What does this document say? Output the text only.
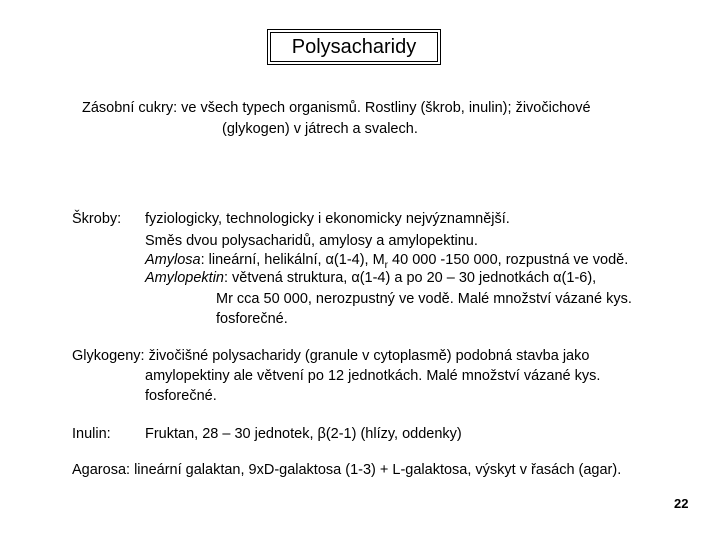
Polysacharidy
Zásobní cukry: ve všech typech organismů. Rostliny (škrob, inulin); živočichové
(glykogen) v játrech a svalech.
Škroby: fyziologicky, technologicky i ekonomicky nejvýznamnější.
Směs dvou polysacharidů, amylosy a amylopektinu.
Amylosa: lineární, helikální, α(1-4), $M_r$ 40 000 -150 000, rozpustná ve vodě.
Amylopektin: větvená struktura, α(1-4) a po 20 – 30 jednotkách α(1-6),
Mr cca 50 000, nerozpustný ve vodě. Malé množství vázané kys.
fosforečné.
Glykogeny: živočišné polysacharidy (granule v cytoplasmě) podobná stavba jako
amylopektiny ale větvení po 12 jednotkách. Malé množství vázané kys.
fosforečné.
Inulin: Fruktan, 28 – 30 jednotek, β(2-1) (hlízy, oddenky)
Agarosa: lineární galaktan, 9xD-galaktosa (1-3) + L-galaktosa, výskyt v řasách (agar).
22
